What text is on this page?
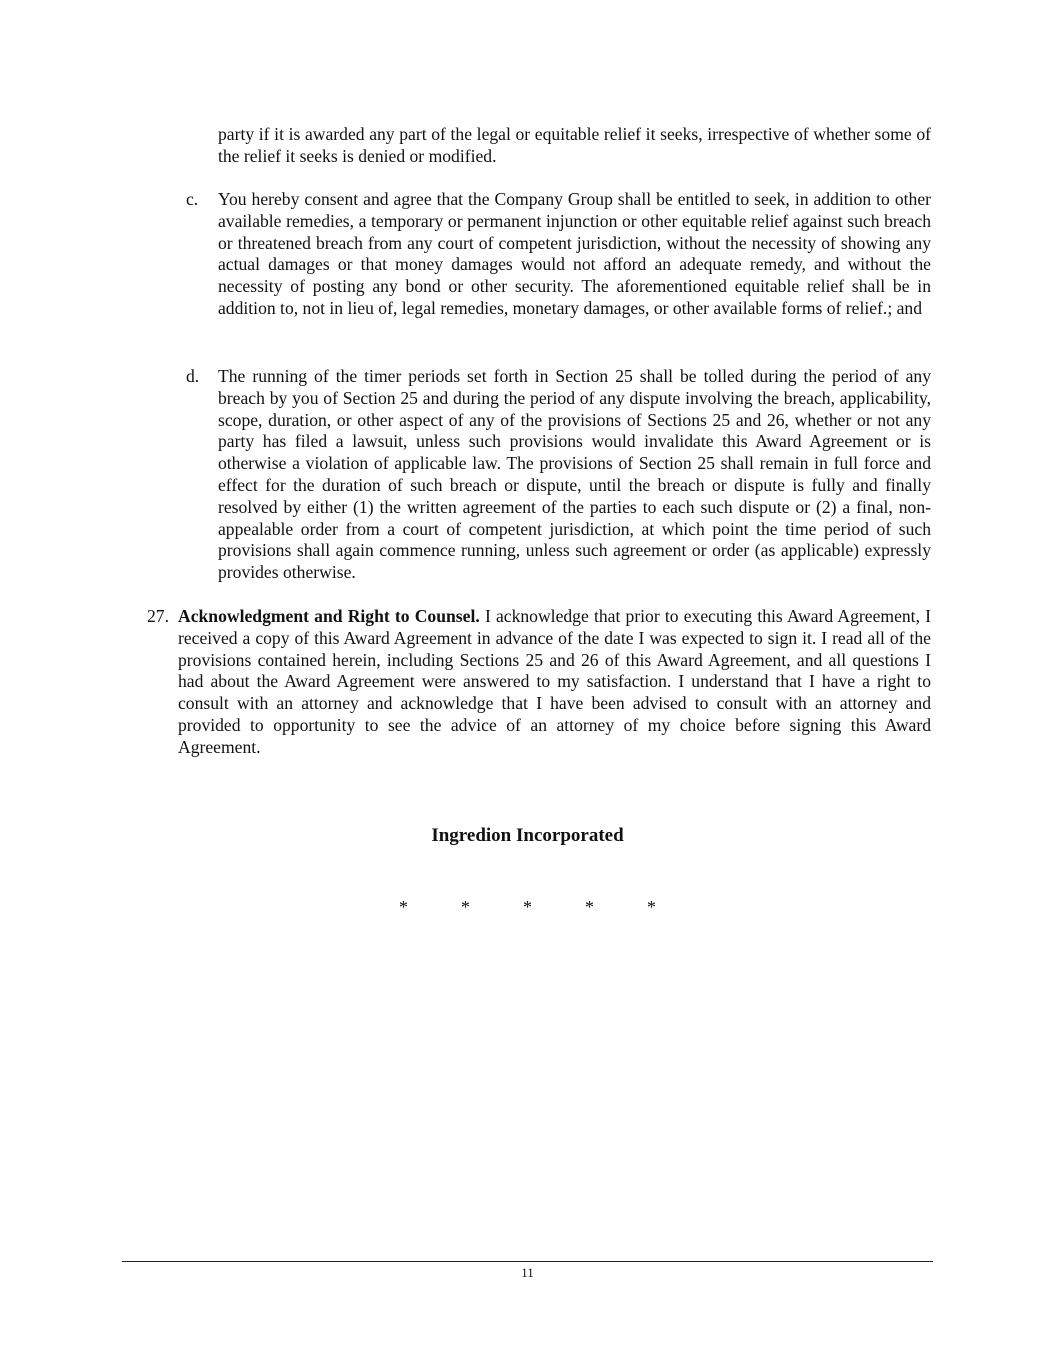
party if it is awarded any part of the legal or equitable relief it seeks, irrespective of whether some of the relief it seeks is denied or modified.
c. You hereby consent and agree that the Company Group shall be entitled to seek, in addition to other available remedies, a temporary or permanent injunction or other equitable relief against such breach or threatened breach from any court of competent jurisdiction, without the necessity of showing any actual damages or that money damages would not afford an adequate remedy, and without the necessity of posting any bond or other security. The aforementioned equitable relief shall be in addition to, not in lieu of, legal remedies, monetary damages, or other available forms of relief.; and
d. The running of the timer periods set forth in Section 25 shall be tolled during the period of any breach by you of Section 25 and during the period of any dispute involving the breach, applicability, scope, duration, or other aspect of any of the provisions of Sections 25 and 26, whether or not any party has filed a lawsuit, unless such provisions would invalidate this Award Agreement or is otherwise a violation of applicable law. The provisions of Section 25 shall remain in full force and effect for the duration of such breach or dispute, until the breach or dispute is fully and finally resolved by either (1) the written agreement of the parties to each such dispute or (2) a final, non-appealable order from a court of competent jurisdiction, at which point the time period of such provisions shall again commence running, unless such agreement or order (as applicable) expressly provides otherwise.
27. Acknowledgment and Right to Counsel. I acknowledge that prior to executing this Award Agreement, I received a copy of this Award Agreement in advance of the date I was expected to sign it. I read all of the provisions contained herein, including Sections 25 and 26 of this Award Agreement, and all questions I had about the Award Agreement were answered to my satisfaction. I understand that I have a right to consult with an attorney and acknowledge that I have been advised to consult with an attorney and provided to opportunity to see the advice of an attorney of my choice before signing this Award Agreement.
Ingredion Incorporated
*	*	*	*	*
11
